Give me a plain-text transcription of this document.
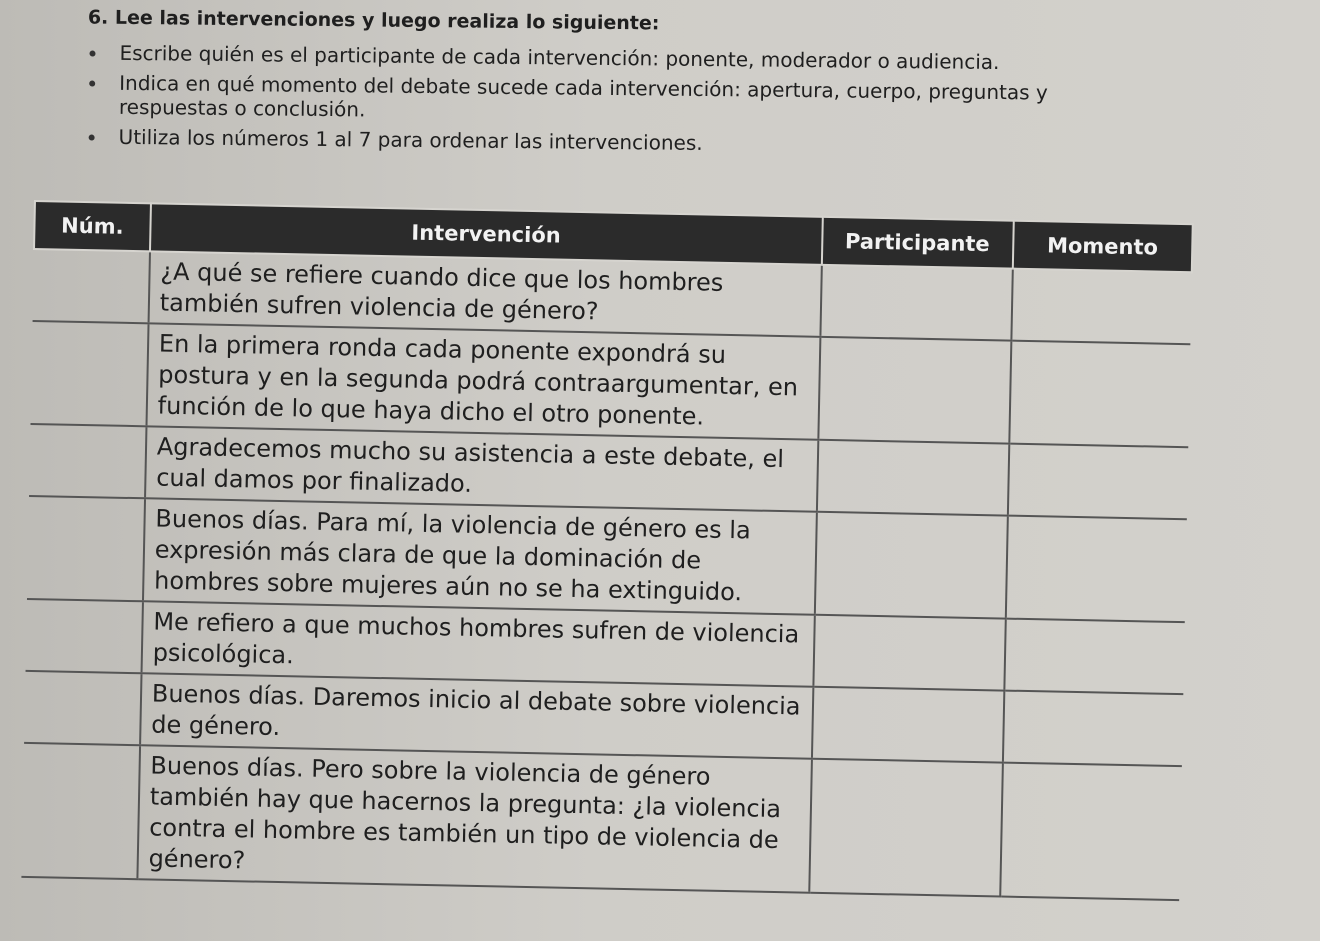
6. Lee las intervenciones y luego realiza lo siguiente:
Escribe quién es el participante de cada intervención: ponente, moderador o audiencia.
Indica en qué momento del debate sucede cada intervención: apertura, cuerpo, preguntas y respuestas o conclusión.
Utiliza los números 1 al 7 para ordenar las intervenciones.
Núm.	Intervención	Participante	Momento
	¿A qué se refiere cuando dice que los hombres también sufren violencia de género?		
	En la primera ronda cada ponente expondrá su postura y en la segunda podrá contraargumentar, en función de lo que haya dicho el otro ponente.		
	Agradecemos mucho su asistencia a este debate, el cual damos por finalizado.		
	Buenos días. Para mí, la violencia de género es la expresión más clara de que la dominación de hombres sobre mujeres aún no se ha extinguido.		
	Me refiero a que muchos hombres sufren de violencia psicológica.		
	Buenos días. Daremos inicio al debate sobre violencia de género.		
	Buenos días. Pero sobre la violencia de género también hay que hacernos la pregunta: ¿la violencia contra el hombre es también un tipo de violencia de género?		
